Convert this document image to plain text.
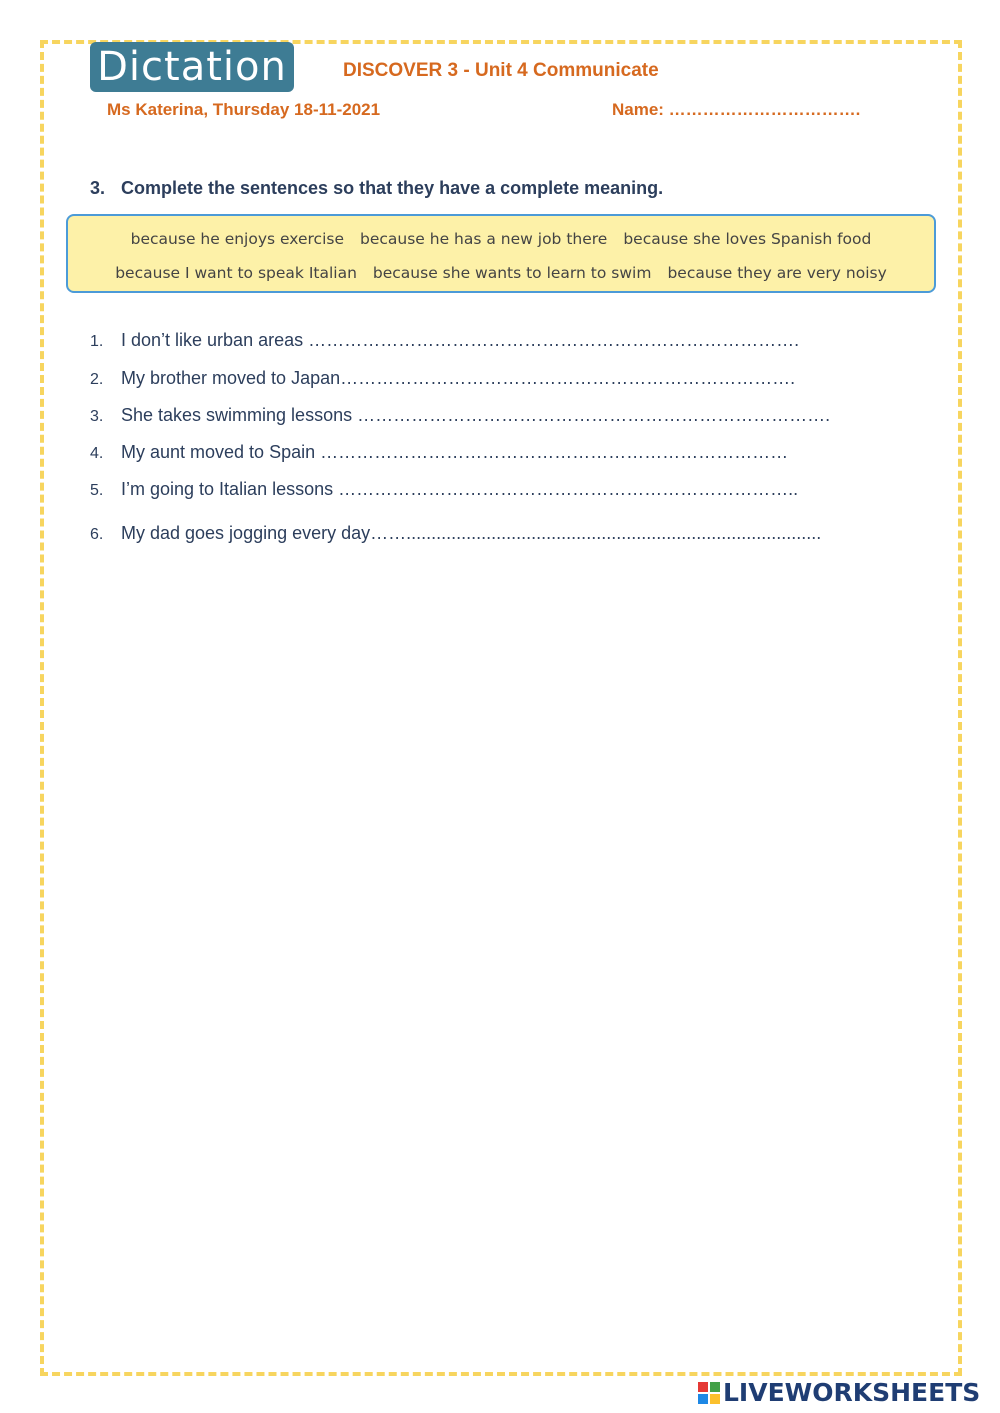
Dictation	DISCOVER 3 - Unit 4 Communicate
Ms Katerina, Thursday 18-11-2021	Name: …………………………….
3. Complete the sentences so that they have a complete meaning.
because he enjoys exercise because he has a new job there because she loves Spanish food
because I want to speak Italian because she wants to learn to swim because they are very noisy
1. I don’t like urban areas ……………………………………………………………………….
2. My brother moved to Japan………………………………………………………………….
3. She takes swimming lessons …………………………………………………………………….
4. My aunt moved to Spain ……………………………………………………………………
5. I’m going to Italian lessons …………………………………………………………………..
6. My dad goes jogging every day……...................................................................................
LIVEWORKSHEETS
